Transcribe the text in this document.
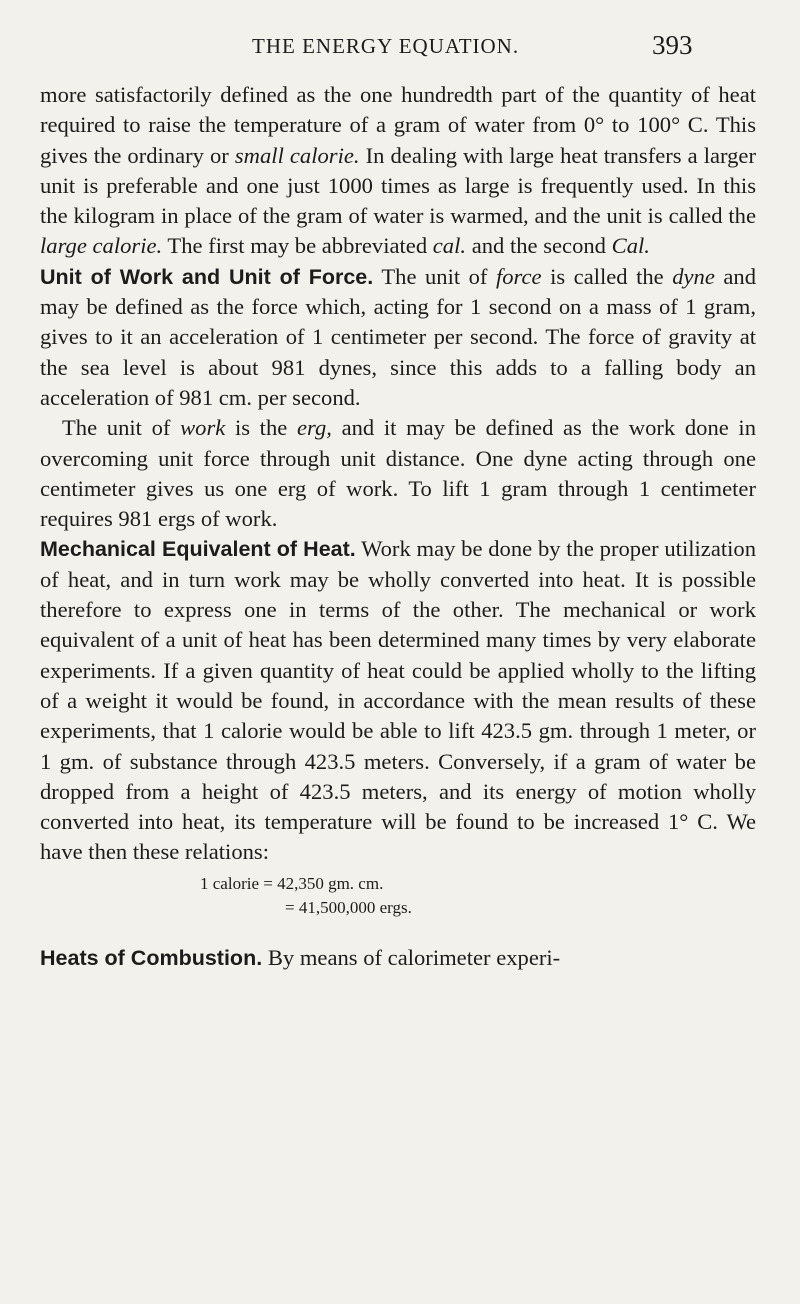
THE ENERGY EQUATION.	393

more satisfactorily defined as the one hundredth part of the quantity of heat required to raise the temperature of a gram of water from 0° to 100° C. This gives the ordinary or small calorie. In dealing with large heat transfers a larger unit is preferable and one just 1000 times as large is frequently used. In this the kilogram in place of the gram of water is warmed, and the unit is called the large calorie. The first may be abbreviated cal. and the second Cal.

Unit of Work and Unit of Force. The unit of force is called the dyne and may be defined as the force which, acting for 1 second on a mass of 1 gram, gives to it an acceleration of 1 centimeter per second. The force of gravity at the sea level is about 981 dynes, since this adds to a falling body an acceleration of 981 cm. per second.

The unit of work is the erg, and it may be defined as the work done in overcoming unit force through unit distance. One dyne acting through one centimeter gives us one erg of work. To lift 1 gram through 1 centimeter requires 981 ergs of work.

Mechanical Equivalent of Heat. Work may be done by the proper utilization of heat, and in turn work may be wholly converted into heat. It is possible therefore to express one in terms of the other. The mechanical or work equivalent of a unit of heat has been determined many times by very elaborate experiments. If a given quantity of heat could be applied wholly to the lifting of a weight it would be found, in accordance with the mean results of these experiments, that 1 calorie would be able to lift 423.5 gm. through 1 meter, or 1 gm. of substance through 423.5 meters. Conversely, if a gram of water be dropped from a height of 423.5 meters, and its energy of motion wholly converted into heat, its temperature will be found to be increased 1° C. We have then these relations:

1 calorie = 42,350 gm. cm.
= 41,500,000 ergs.

Heats of Combustion. By means of calorimeter experi-
